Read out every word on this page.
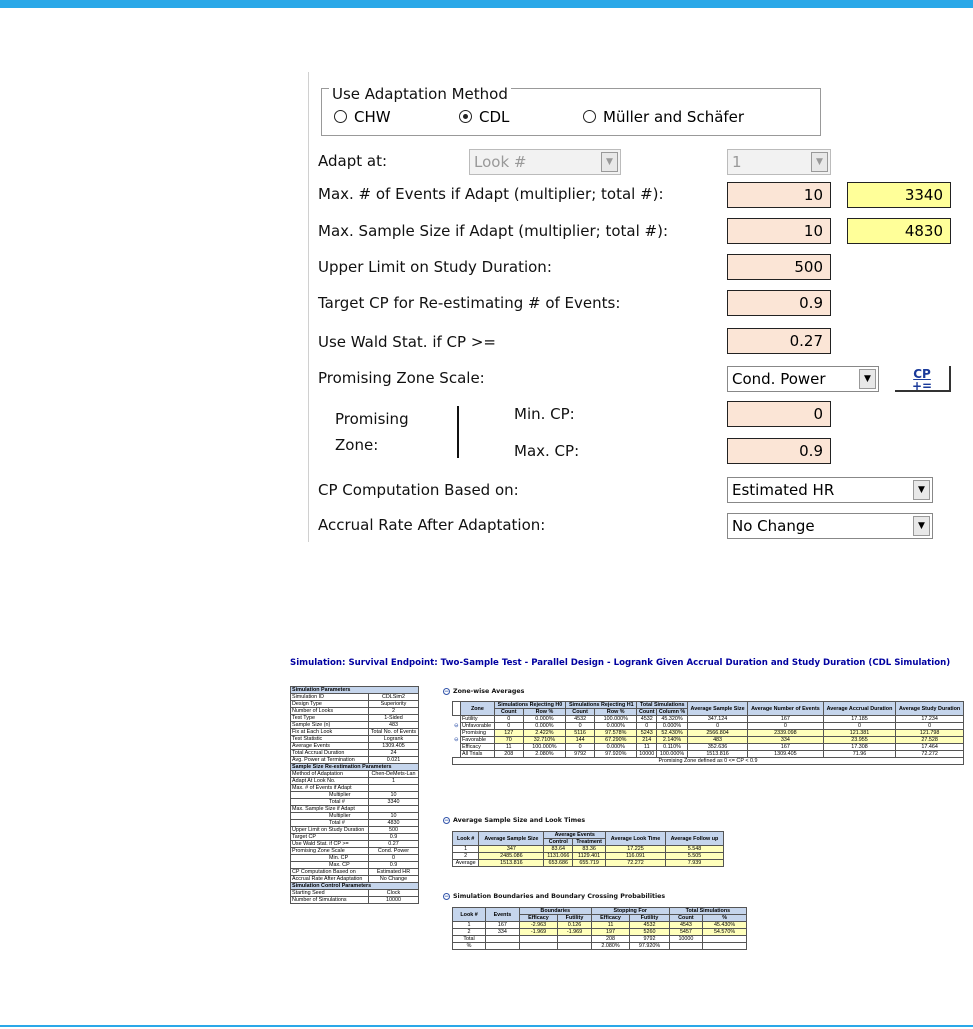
Use Adaptation Method
CHW	CDL	Müller and Schäfer
Adapt at:	Look #	▼	1	▼
Max. # of Events if Adapt (multiplier; total #):	10	3340
Max. Sample Size if Adapt (multiplier; total #):	10	4830
Upper Limit on Study Duration:	500
Target CP for Re-estimating # of Events:	0.9
Use Wald Stat. if CP >=	0.27
Promising Zone Scale:	Cond. Power	▼	CP
+=
Promising
Zone:
Min. CP:	0
Max. CP:	0.9
CP Computation Based on:	Estimated HR	▼
Accrual Rate After Adaptation:	No Change	▼
Simulation: Survival Endpoint: Two-Sample Test - Parallel Design - Logrank Given Accrual Duration and Study Duration (CDL Simulation)
Simulation Parameters	
Simulation ID	CDLSim2
Design Type	Superiority
Number of Looks	2
Test Type	1-Sided
Sample Size (n)	483
Fix at Each Look	Total No. of Events
Test Statistic	Logrank
Average Events	1309.405
Total Accrual Duration	24
Avg. Power at Termination	0.021
Sample Size Re-estimation Parameters	
Method of Adaptation	Chen-DeMets-Lan
Adapt At Look No.	1
Max. # of Events if Adapt	
Multiplier	10
Total #	3340
Max. Sample Size if Adapt	
Multiplier	10
Total #	4830
Upper Limit on Study Duration	500
Target CP	0.9
Use Wald Stat. if CP >=	0.27
Promising Zone Scale	Cond. Power
Min. CP	0
Max. CP	0.9
CP Computation Based on	Estimated HR
Accrual Rate After Adaptation	No Change
Simulation Control Parameters	
Starting Seed	Clock
Number of Simulations	10000
− Zone-wise Averages
	Zone	Simulations Rejecting H0		Simulations Rejecting H1		Total Simulations		Average Sample Size	Average Number of Events	Average Accrual Duration	Average Study Duration
		Count	Row %	Count	Row %	Count	Column %				
	Futility	0	0.000%	4532	100.000%	4532	45.320%	347.124	167	17.185	17.234
⊖	Unfavorable	0	0.000%	0	0.000%	0	0.000%	0	0	0	0
	Promising	127	2.422%	5116	97.578%	5243	52.430%	2566.804	2339.098	121.381	121.798
⊖	Favorable	70	32.710%	144	67.290%	214	2.140%	483	334	23.955	27.528
	Efficacy	11	100.000%	0	0.000%	11	0.110%	352.636	167	17.308	17.464
	All Trials	208	2.080%	9792	97.920%	10000	100.000%	1513.816	1309.405	71.96	72.272
Promising Zone defined as 0 <= CP < 0.9											
− Average Sample Size and Look Times
Look #	Average Sample Size	Average Events		Average Look Time	Average Follow up
		Control	Treatment		
1	347	83.64	83.36	17.225	5.548
2	2485.086	1131.066	1129.401	116.091	5.505
Average	1513.816	653.686	655.719	72.272	7.939
− Simulation Boundaries and Boundary Crossing Probabilities
Look #	Events	Boundaries		Stopping For		Total Simulations	
		Efficacy	Futility	Efficacy	Futility	Count	%
1	167	-2.963	0.126	11	4532	4543	45.430%
2	334	-1.969	-1.969	197	5260	5457	54.570%
Total				208	9792	10000	
%				2.080%	97.920%		
